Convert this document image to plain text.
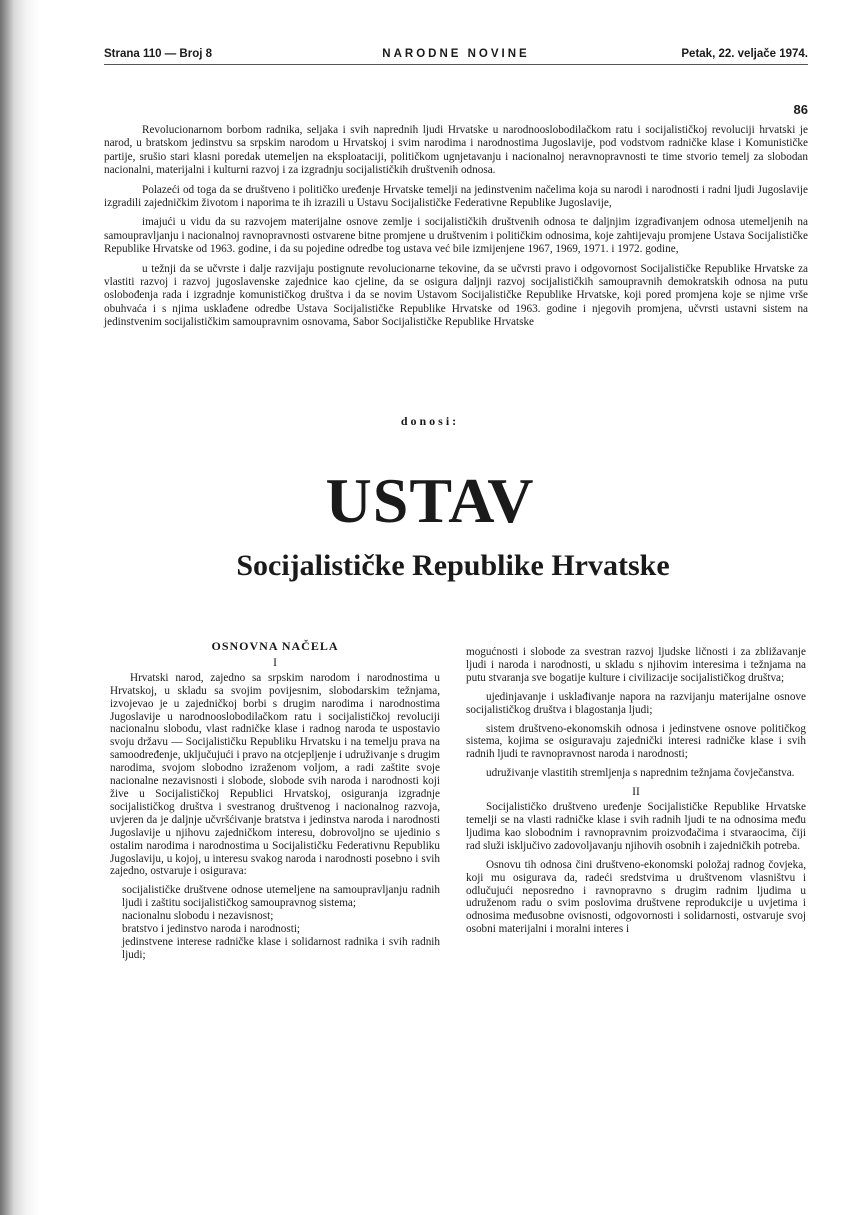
Strana 110 — Broj 8	NARODNE NOVINE	Petak, 22. veljače 1974.
86

Revolucionarnom borbom radnika, seljaka i svih naprednih ljudi Hrvatske u narodnooslobodilačkom ratu i socijalističkoj revoluciji hrvatski je narod, u bratskom jedinstvu sa srpskim narodom u Hrvatskoj i svim narodima i narodnostima Jugoslavije, pod vodstvom radničke klase i Komunističke partije, srušio stari klasni poredak utemeljen na eksploataciji, političkom ugnjetavanju i nacionalnoj neravnopravnosti te time stvorio temelj za slobodan nacionalni, materijalni i kulturni razvoj i za izgradnju socijalističkih društvenih odnosa.

Polazeći od toga da se društveno i političko uređenje Hrvatske temelji na jedinstvenim načelima koja su narodi i narodnosti i radni ljudi Jugoslavije izgradili zajedničkim životom i naporima te ih izrazili u Ustavu Socijalističke Federativne Republike Jugoslavije,

imajući u vidu da su razvojem materijalne osnove zemlje i socijalističkih društvenih odnosa te daljnjim izgrađivanjem odnosa utemeljenih na samoupravljanju i nacionalnoj ravnopravnosti ostvarene bitne promjene u društvenim i političkim odnosima, koje zahtijevaju promjene Ustava Socijalističke Republike Hrvatske od 1963. godine, i da su pojedine odredbe tog ustava već bile izmijenjene 1967, 1969, 1971. i 1972. godine,

u težnji da se učvrste i dalje razvijaju postignute revolucionarne tekovine, da se učvrsti pravo i odgovornost Socijalističke Republike Hrvatske za vlastiti razvoj i razvoj jugoslavenske zajednice kao cjeline, da se osigura daljnji razvoj socijalističkih samoupravnih demokratskih odnosa na putu oslobođenja rada i izgradnje komunističkog društva i da se novim Ustavom Socijalističke Republike Hrvatske, koji pored promjena koje se njime vrše obuhvaća i s njima usklađene odredbe Ustava Socijalističke Republike Hrvatske od 1963. godine i njegovih promjena, učvrsti ustavni sistem na jedinstvenim socijalističkim samoupravnim osnovama, Sabor Socijalističke Republike Hrvatske

donosi:
USTAV
Socijalističke Republike Hrvatske
OSNOVNA NAČELA
I

Hrvatski narod, zajedno sa srpskim narodom i narodnostima u Hrvatskoj, u skladu sa svojim povijesnim, slobodarskim težnjama, izvojevao je u zajedničkoj borbi s drugim narodima i narodnostima Jugoslavije u narodnooslobodilačkom ratu i socijalističkoj revoluciji nacionalnu slobodu, vlast radničke klase i radnog naroda te uspostavio svoju državu — Socijalističku Republiku Hrvatsku i na temelju prava na samoodređenje, uključujući i pravo na otcjepljenje i udruživanje s drugim narodima, svojom slobodno izraženom voljom, a radi zaštite svoje nacionalne nezavisnosti i slobode, slobode svih naroda i narodnosti koji žive u Socijalističkoj Republici Hrvatskoj, osiguranja izgradnje socijalističkog društva i svestranog društvenog i nacionalnog razvoja, uvjeren da je daljnje učvršćivanje bratstva i jedinstva naroda i narodnosti Jugoslavije u njihovu zajedničkom interesu, dobrovoljno se ujedinio s ostalim narodima i narodnostima u Socijalističku Federativnu Republiku Jugoslaviju, u kojoj, u interesu svakog naroda i narodnosti posebno i svih zajedno, ostvaruje i osigurava:

socijalističke društvene odnose utemeljene na samoupravljanju radnih ljudi i zaštitu socijalističkog samoupravnog sistema;

nacionalnu slobodu i nezavisnost;

bratstvo i jedinstvo naroda i narodnosti;

jedinstvene interese radničke klase i solidarnost radnika i svih radnih ljudi;

mogućnosti i slobode za svestran razvoj ljudske ličnosti i za zbližavanje ljudi i naroda i narodnosti, u skladu s njihovim interesima i težnjama na putu stvaranja sve bogatije kulture i civilizacije socijalističkog društva;

ujedinjavanje i usklađivanje napora na razvijanju materijalne osnove socijalističkog društva i blagostanja ljudi;

sistem društveno-ekonomskih odnosa i jedinstvene osnove političkog sistema, kojima se osiguravaju zajednički interesi radničke klase i svih radnih ljudi te ravnopravnost naroda i narodnosti;

udruživanje vlastitih stremljenja s naprednim težnjama čovječanstva.

II

Socijalističko društveno uređenje Socijalističke Republike Hrvatske temelji se na vlasti radničke klase i svih radnih ljudi te na odnosima među ljudima kao slobodnim i ravnopravnim proizvođačima i stvaraocima, čiji rad služi isključivo zadovoljavanju njihovih osobnih i zajedničkih potreba.

Osnovu tih odnosa čini društveno-ekonomski položaj radnog čovjeka, koji mu osigurava da, radeći sredstvima u društvenom vlasništvu i odlučujući neposredno i ravnopravno s drugim radnim ljudima u udruženom radu o svim poslovima društvene reprodukcije u uvjetima i odnosima međusobne ovisnosti, odgovornosti i solidarnosti, ostvaruje svoj osobni materijalni i moralni interes i
